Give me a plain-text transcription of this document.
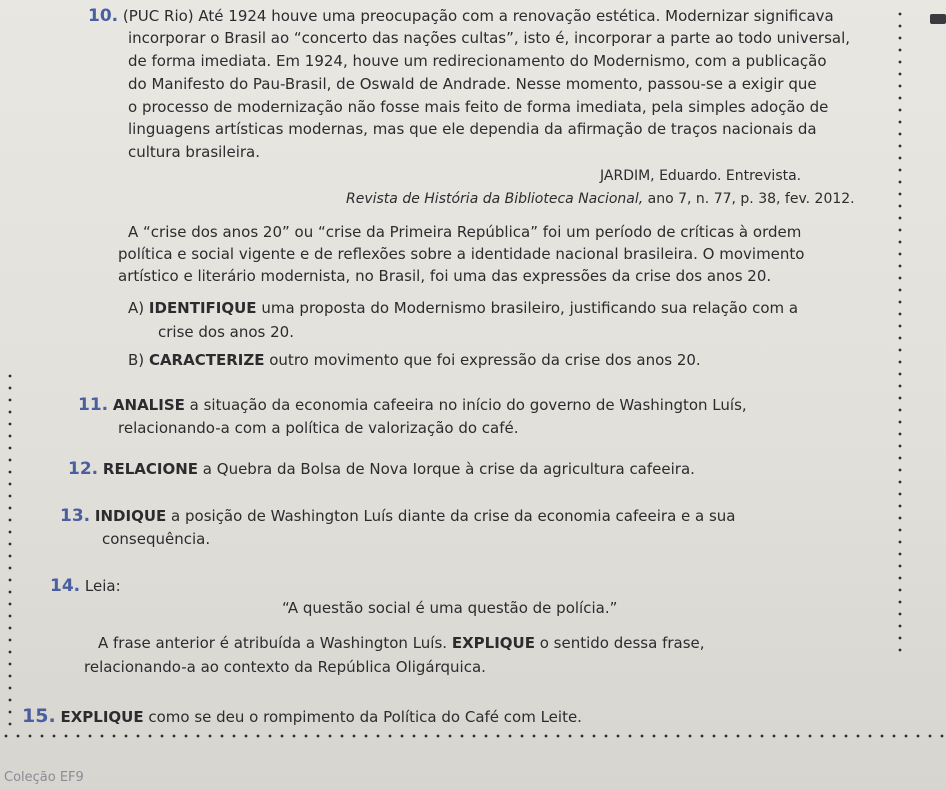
10. (PUC Rio) Até 1924 houve uma preocupação com a renovação estética. Modernizar significava
incorporar o Brasil ao “concerto das nações cultas”, isto é, incorporar a parte ao todo universal,
de forma imediata. Em 1924, houve um redirecionamento do Modernismo, com a publicação
do Manifesto do Pau-Brasil, de Oswald de Andrade. Nesse momento, passou-se a exigir que
o processo de modernização não fosse mais feito de forma imediata, pela simples adoção de
linguagens artísticas modernas, mas que ele dependia da afirmação de traços nacionais da
cultura brasileira.
JARDIM, Eduardo. Entrevista.
Revista de História da Biblioteca Nacional, ano 7, n. 77, p. 38, fev. 2012.
A “crise dos anos 20” ou “crise da Primeira República” foi um período de críticas à ordem
política e social vigente e de reflexões sobre a identidade nacional brasileira. O movimento
artístico e literário modernista, no Brasil, foi uma das expressões da crise dos anos 20.
A) IDENTIFIQUE uma proposta do Modernismo brasileiro, justificando sua relação com a
crise dos anos 20.
B) CARACTERIZE outro movimento que foi expressão da crise dos anos 20.
11. ANALISE a situação da economia cafeeira no início do governo de Washington Luís,
relacionando-a com a política de valorização do café.
12. RELACIONE a Quebra da Bolsa de Nova Iorque à crise da agricultura cafeeira.
13. INDIQUE a posição de Washington Luís diante da crise da economia cafeeira e a sua
consequência.
14. Leia:
“A questão social é uma questão de polícia.”
A frase anterior é atribuída a Washington Luís. EXPLIQUE o sentido dessa frase,
relacionando-a ao contexto da República Oligárquica.
15. EXPLIQUE como se deu o rompimento da Política do Café com Leite.
Coleção EF9
